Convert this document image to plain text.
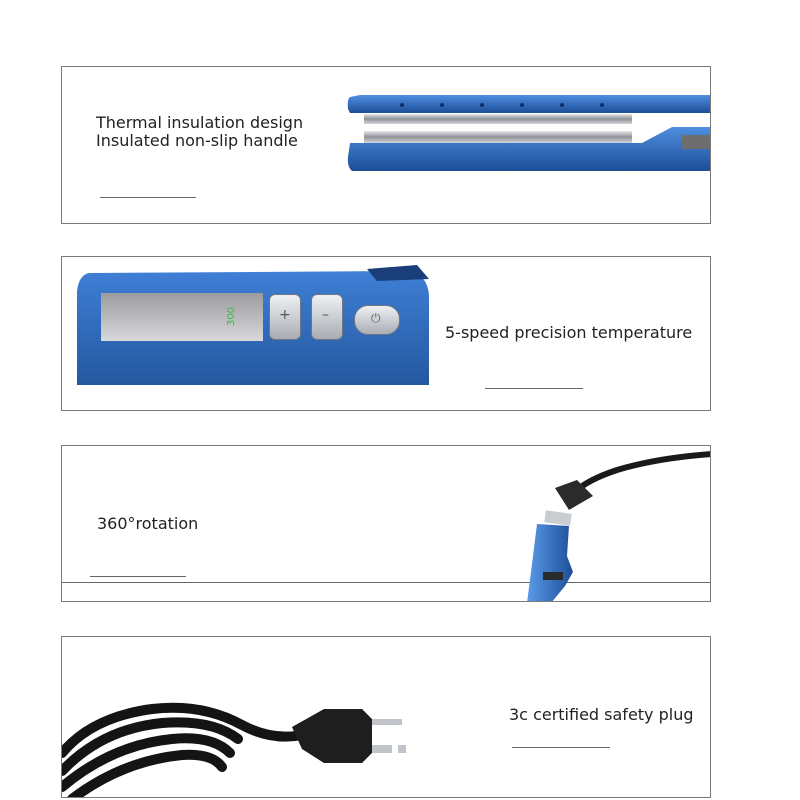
Thermal insulation design
Insulated non-slip handle
300	+ –	⏻
5-speed precision temperature
360°rotation
3c certified safety plug
